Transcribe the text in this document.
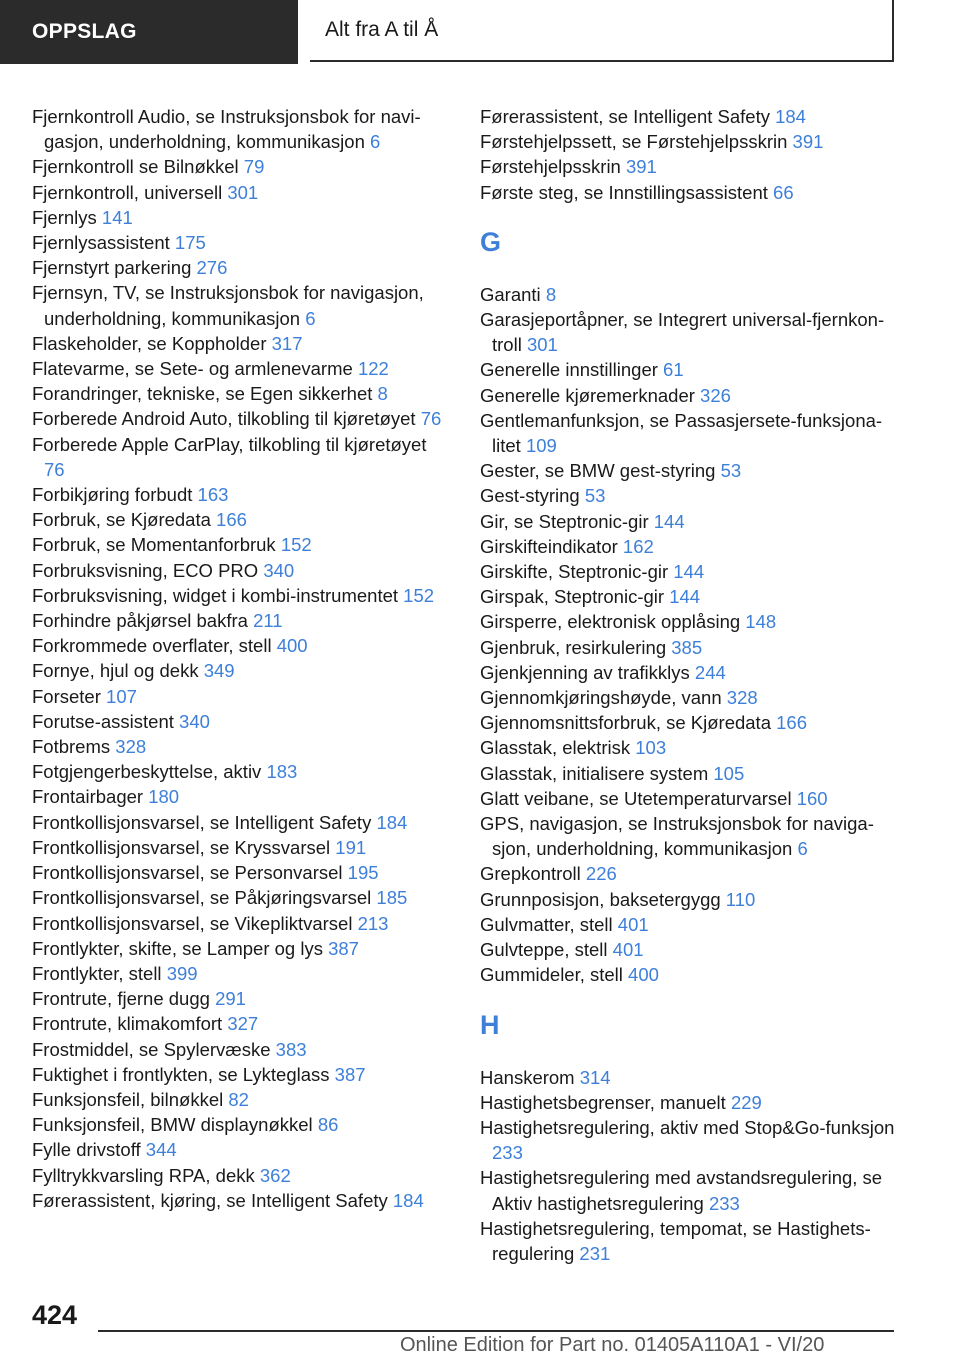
OPPSLAG	Alt fra A til Å
Fjernkontroll Audio, se Instruksjonsbok for navigasjon, underholdning, kommunikasjon 6
Fjernkontroll se Bilnøkkel 79
Fjernkontroll, universell 301
Fjernlys 141
Fjernlysassistent 175
Fjernstyrt parkering 276
Fjernsyn, TV, se Instruksjonsbok for navigasjon, underholdning, kommunikasjon 6
Flaskeholder, se Koppholder 317
Flatevarme, se Sete- og armlenevarme 122
Forandringer, tekniske, se Egen sikkerhet 8
Forberede Android Auto, tilkobling til kjøretøyet 76
Forberede Apple CarPlay, tilkobling til kjøretøyet 76
Forbikjøring forbudt 163
Forbruk, se Kjøredata 166
Forbruk, se Momentanforbruk 152
Forbruksvisning, ECO PRO 340
Forbruksvisning, widget i kombi-instrumentet 152
Forhindre påkjørsel bakfra 211
Forkrommede overflater, stell 400
Fornye, hjul og dekk 349
Forseter 107
Forutse-assistent 340
Fotbrems 328
Fotgjengerbeskyttelse, aktiv 183
Frontairbager 180
Frontkollisjonsvarsel, se Intelligent Safety 184
Frontkollisjonsvarsel, se Kryssvarsel 191
Frontkollisjonsvarsel, se Personvarsel 195
Frontkollisjonsvarsel, se Påkjøringsvarsel 185
Frontkollisjonsvarsel, se Vikepliktvarsel 213
Frontlykter, skifte, se Lamper og lys 387
Frontlykter, stell 399
Frontrute, fjerne dugg 291
Frontrute, klimakomfort 327
Frostmiddel, se Spylervæske 383
Fuktighet i frontlykten, se Lykteglass 387
Funksjonsfeil, bilnøkkel 82
Funksjonsfeil, BMW displaynøkkel 86
Fylle drivstoff 344
Fylltrykkvarsling RPA, dekk 362
Førerassistent, kjøring, se Intelligent Safety 184
Førerassistent, se Intelligent Safety 184
Førstehjelpssett, se Førstehjelpsskrin 391
Førstehjelpsskrin 391
Første steg, se Innstillingsassistent 66
G
Garanti 8
Garasjeportåpner, se Integrert universal-fjernkontroll 301
Generelle innstillinger 61
Generelle kjøremerknader 326
Gentlemanfunksjon, se Passasjersete-funksjonalitet 109
Gester, se BMW gest-styring 53
Gest-styring 53
Gir, se Steptronic-gir 144
Girskifteindikator 162
Girskifte, Steptronic-gir 144
Girspak, Steptronic-gir 144
Girsperre, elektronisk opplåsing 148
Gjenbruk, resirkulering 385
Gjenkjenning av trafikklys 244
Gjennomkjøringshøyde, vann 328
Gjennomsnittsforbruk, se Kjøredata 166
Glasstak, elektrisk 103
Glasstak, initialisere system 105
Glatt veibane, se Utetemperaturvarsel 160
GPS, navigasjon, se Instruksjonsbok for navigasjon, underholdning, kommunikasjon 6
Grepkontroll 226
Grunnposisjon, baksetergygg 110
Gulvmatter, stell 401
Gulvteppe, stell 401
Gummideler, stell 400
H
Hanskerom 314
Hastighetsbegrenser, manuelt 229
Hastighetsregulering, aktiv med Stop&Go-funksjon 233
Hastighetsregulering med avstandsregulering, se Aktiv hastighetsregulering 233
Hastighetsregulering, tempomat, se Hastighetsregulering 231
424
Online Edition for Part no. 01405A110A1 - VI/20
